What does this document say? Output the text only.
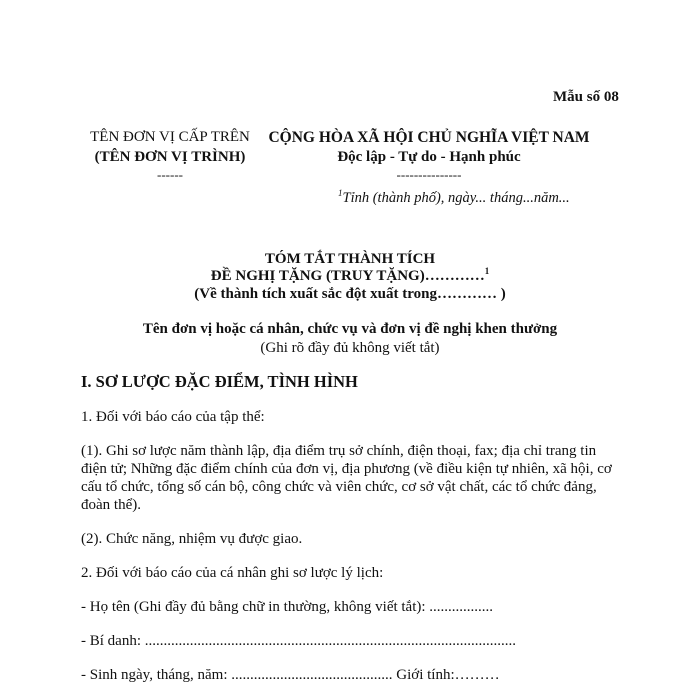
Mẫu số 08
TÊN ĐƠN VỊ CẤP TRÊN
(TÊN ĐƠN VỊ TRÌNH)
------
CỘNG HÒA XÃ HỘI CHỦ NGHĨA VIỆT NAM
Độc lập - Tự do - Hạnh phúc
---------------
$^1$Tỉnh (thành phố), ngày... tháng...năm...
TÓM TẮT THÀNH TÍCH
ĐỀ NGHỊ TẶNG (TRUY TẶNG)…………$^1$
(Về thành tích xuất sắc đột xuất trong………… )
Tên đơn vị hoặc cá nhân, chức vụ và đơn vị đề nghị khen thưởng
(Ghi rõ đầy đủ không viết tắt)
I. SƠ LƯỢC ĐẶC ĐIỂM, TÌNH HÌNH
1. Đối với báo cáo của tập thể:
(1). Ghi sơ lược năm thành lập, địa điểm trụ sở chính, điện thoại, fax; địa chỉ trang tin
điện tử; Những đặc điểm chính của đơn vị, địa phương (về điều kiện tự nhiên, xã hội, cơ
cấu tổ chức, tổng số cán bộ, công chức và viên chức, cơ sở vật chất, các tổ chức đảng,
đoàn thể).
(2). Chức năng, nhiệm vụ được giao.
2. Đối với báo cáo của cá nhân ghi sơ lược lý lịch:
- Họ tên (Ghi đầy đủ bằng chữ in thường, không viết tắt): .................
- Bí danh: ...................................................................................................
- Sinh ngày, tháng, năm: ........................................... Giới tính:………
